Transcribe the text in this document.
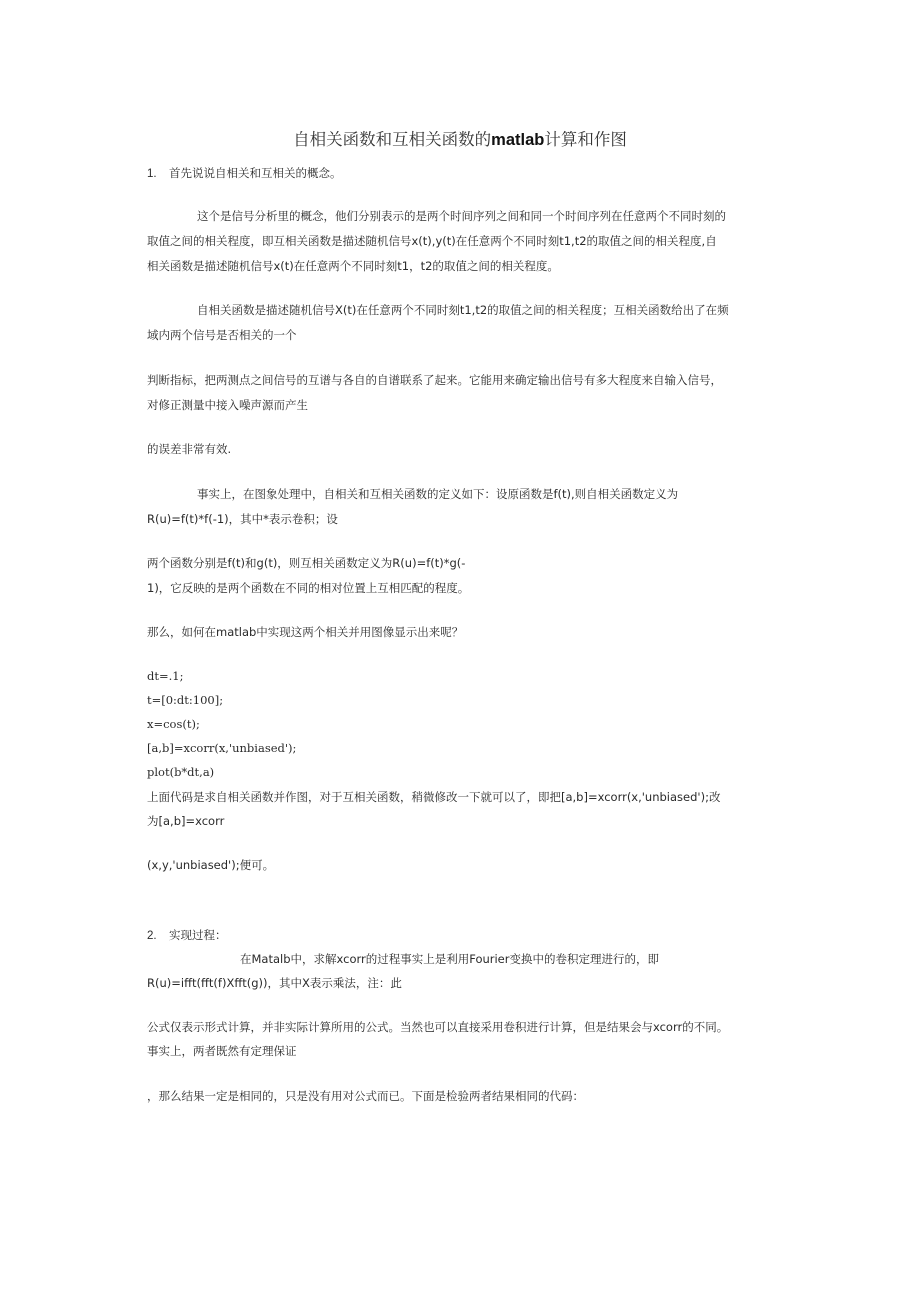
自相关函数和互相关函数的matlab计算和作图
1. 首先说说自相关和互相关的概念。
这个是信号分析里的概念，他们分别表示的是两个时间序列之间和同一个时间序列在任意两个不同时刻的
取值之间的相关程度，即互相关函数是描述随机信号x(t),y(t)在任意两个不同时刻t1,t2的取值之间的相关程度,自
相关函数是描述随机信号x(t)在任意两个不同时刻t1，t2的取值之间的相关程度。
自相关函数是描述随机信号X(t)在任意两个不同时刻t1,t2的取值之间的相关程度；互相关函数给出了在频
域内两个信号是否相关的一个
判断指标，把两测点之间信号的互谱与各自的自谱联系了起来。它能用来确定输出信号有多大程度来自输入信号，
对修正测量中接入噪声源而产生
的误差非常有效.
事实上，在图象处理中，自相关和互相关函数的定义如下：设原函数是f(t),则自相关函数定义为
R(u)=f(t)*f(-1)，其中*表示卷积；设
两个函数分别是f(t)和g(t)，则互相关函数定义为R(u)=f(t)*g(-
1)，它反映的是两个函数在不同的相对位置上互相匹配的程度。
那么，如何在matlab中实现这两个相关并用图像显示出来呢？
dt=.1;
t=[0:dt:100];
x=cos(t);
[a,b]=xcorr(x,'unbiased');
plot(b*dt,a)
上面代码是求自相关函数并作图，对于互相关函数，稍微修改一下就可以了，即把[a,b]=xcorr(x,'unbiased');改
为[a,b]=xcorr
(x,y,'unbiased');便可。
2. 实现过程：
在Matalb中，求解xcorr的过程事实上是利用Fourier变换中的卷积定理进行的，即
R(u)=ifft(fft(f)Xfft(g))，其中X表示乘法，注：此
公式仅表示形式计算，并非实际计算所用的公式。当然也可以直接采用卷积进行计算，但是结果会与xcorr的不同。
事实上，两者既然有定理保证
，那么结果一定是相同的，只是没有用对公式而已。下面是检验两者结果相同的代码：
